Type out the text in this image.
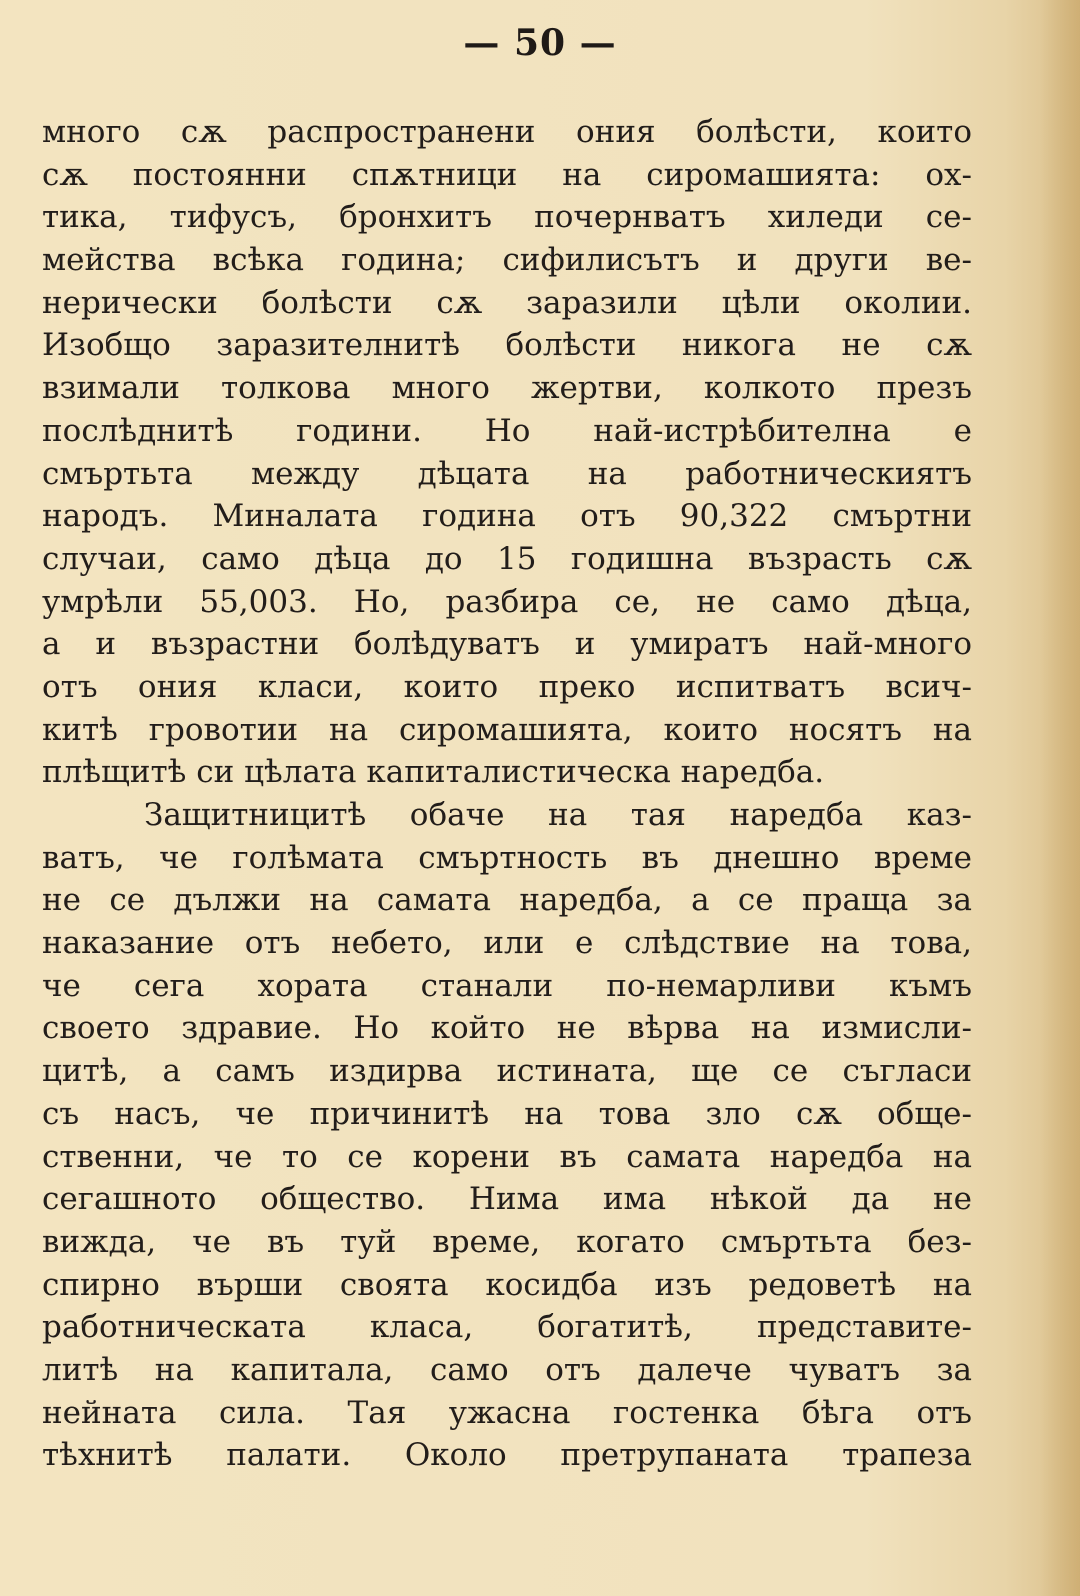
— 50 —
много сѫ распространени ония болѣсти, които
сѫ постоянни спѫтници на сиромашията: ох-
тика, тифусъ, бронхитъ почернватъ хиледи се-
мейства всѣка година; сифилисътъ и други ве-
нерически болѣсти сѫ заразили цѣли околии.
Изобщо заразителнитѣ болѣсти никога не сѫ
взимали толкова много жертви, колкото презъ
послѣднитѣ години. Но най-истрѣбителна е
смъртьта между дѣцата на работническиятъ
народъ. Миналата година отъ 90,322 смъртни
случаи, само дѣца до 15 годишна възрасть сѫ
умрѣли 55,003. Но, разбира се, не само дѣца,
а и възрастни болѣдуватъ и умиратъ най-много
отъ ония класи, които преко испитватъ всич-
китѣ гровотии на сиромашията, които носятъ на
плѣщитѣ си цѣлата капиталистическа наредба.
Защитницитѣ обаче на тая наредба каз-
ватъ, че голѣмата смъртность въ днешно време
не се дължи на самата наредба, а се праща за
наказание отъ небето, или е слѣдствие на това,
че сега хората станали по-немарливи къмъ
своето здравие. Но който не вѣрва на измисли-
цитѣ, а самъ издирва истината, ще се съгласи
съ насъ, че причинитѣ на това зло сѫ обще-
ственни, че то се корени въ самата наредба на
сегашното общество. Нима има нѣкой да не
вижда, че въ туй време, когато смъртьта без-
спирно върши своята косидба изъ редоветѣ на
работническата класа, богатитѣ, представите-
литѣ на капитала, само отъ далече чуватъ за
нейната сила. Тая ужасна гостенка бѣга отъ
тѣхнитѣ палати. Около претрупаната трапеза
